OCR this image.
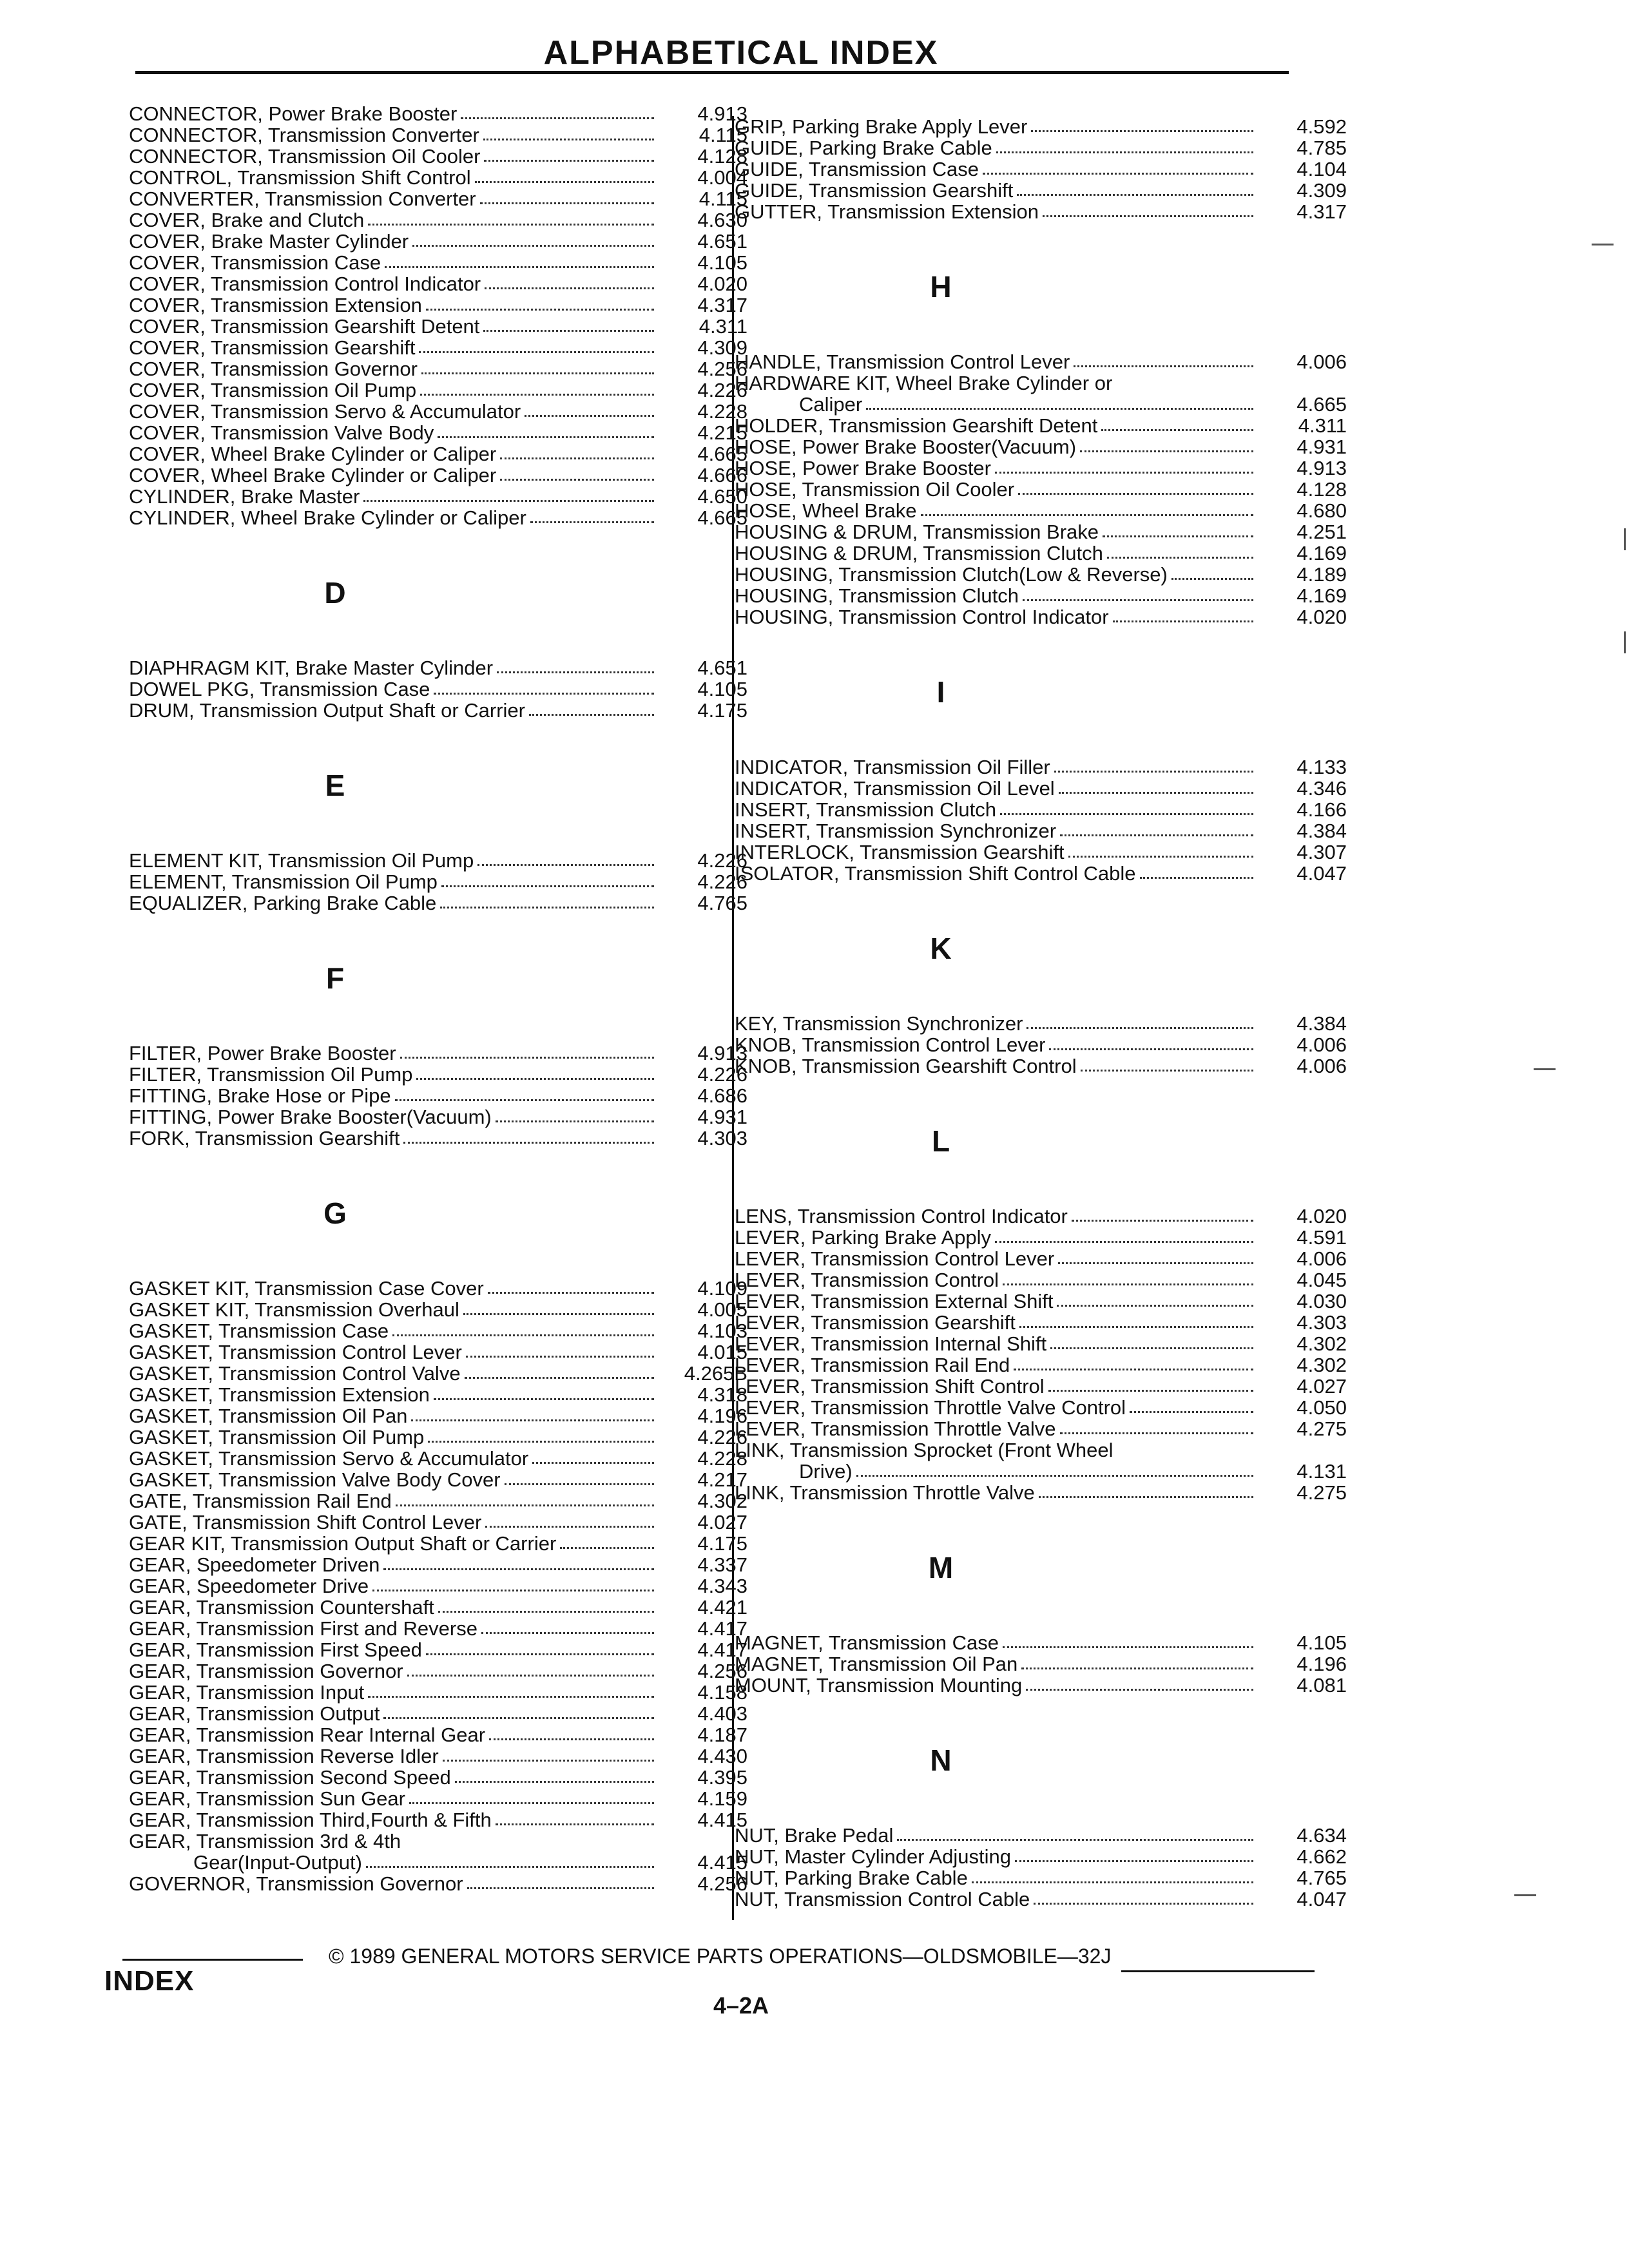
ALPHABETICAL INDEX
CONNECTOR, Power Brake Booster	4.913
CONNECTOR, Transmission Converter	4.115
CONNECTOR, Transmission Oil Cooler	4.128
CONTROL, Transmission Shift Control	4.004
CONVERTER, Transmission Converter	4.115
COVER, Brake and Clutch	4.630
COVER, Brake Master Cylinder	4.651
COVER, Transmission Case	4.105
COVER, Transmission Control Indicator	4.020
COVER, Transmission Extension	4.317
COVER, Transmission Gearshift Detent	4.311
COVER, Transmission Gearshift	4.309
COVER, Transmission Governor	4.256
COVER, Transmission Oil Pump	4.226
COVER, Transmission Servo & Accumulator	4.228
COVER, Transmission Valve Body	4.215
COVER, Wheel Brake Cylinder or Caliper	4.665
COVER, Wheel Brake Cylinder or Caliper	4.666
CYLINDER, Brake Master	4.650
CYLINDER, Wheel Brake Cylinder or Caliper	4.665
D
DIAPHRAGM KIT, Brake Master Cylinder	4.651
DOWEL PKG, Transmission Case	4.105
DRUM, Transmission Output Shaft or Carrier	4.175
E
ELEMENT KIT, Transmission Oil Pump	4.226
ELEMENT, Transmission Oil Pump	4.226
EQUALIZER, Parking Brake Cable	4.765
F
FILTER, Power Brake Booster	4.913
FILTER, Transmission Oil Pump	4.226
FITTING, Brake Hose or Pipe	4.686
FITTING, Power Brake Booster(Vacuum)	4.931
FORK, Transmission Gearshift	4.303
G
GASKET KIT, Transmission Case Cover	4.109
GASKET KIT, Transmission Overhaul	4.005
GASKET, Transmission Case	4.103
GASKET, Transmission Control Lever	4.015
GASKET, Transmission Control Valve	4.265B
GASKET, Transmission Extension	4.318
GASKET, Transmission Oil Pan	4.196
GASKET, Transmission Oil Pump	4.226
GASKET, Transmission Servo & Accumulator	4.228
GASKET, Transmission Valve Body Cover	4.217
GATE, Transmission Rail End	4.302
GATE, Transmission Shift Control Lever	4.027
GEAR KIT, Transmission Output Shaft or Carrier	4.175
GEAR, Speedometer Driven	4.337
GEAR, Speedometer Drive	4.343
GEAR, Transmission Countershaft	4.421
GEAR, Transmission First and Reverse	4.417
GEAR, Transmission First Speed	4.417
GEAR, Transmission Governor	4.256
GEAR, Transmission Input	4.158
GEAR, Transmission Output	4.403
GEAR, Transmission Rear Internal Gear	4.187
GEAR, Transmission Reverse Idler	4.430
GEAR, Transmission Second Speed	4.395
GEAR, Transmission Sun Gear	4.159
GEAR, Transmission Third,Fourth & Fifth	4.415
GEAR, Transmission 3rd & 4th
Gear(Input-Output)	4.415
GOVERNOR, Transmission Governor	4.256
GRIP, Parking Brake Apply Lever	4.592
GUIDE, Parking Brake Cable	4.785
GUIDE, Transmission Case	4.104
GUIDE, Transmission Gearshift	4.309
GUTTER, Transmission Extension	4.317
H
HANDLE, Transmission Control Lever	4.006
HARDWARE KIT, Wheel Brake Cylinder or
Caliper	4.665
HOLDER, Transmission Gearshift Detent	4.311
HOSE, Power Brake Booster(Vacuum)	4.931
HOSE, Power Brake Booster	4.913
HOSE, Transmission Oil Cooler	4.128
HOSE, Wheel Brake	4.680
HOUSING & DRUM, Transmission Brake	4.251
HOUSING & DRUM, Transmission Clutch	4.169
HOUSING, Transmission Clutch(Low & Reverse)	4.189
HOUSING, Transmission Clutch	4.169
HOUSING, Transmission Control Indicator	4.020
I
INDICATOR, Transmission Oil Filler	4.133
INDICATOR, Transmission Oil Level	4.346
INSERT, Transmission Clutch	4.166
INSERT, Transmission Synchronizer	4.384
INTERLOCK, Transmission Gearshift	4.307
ISOLATOR, Transmission Shift Control Cable	4.047
K
KEY, Transmission Synchronizer	4.384
KNOB, Transmission Control Lever	4.006
KNOB, Transmission Gearshift Control	4.006
L
LENS, Transmission Control Indicator	4.020
LEVER, Parking Brake Apply	4.591
LEVER, Transmission Control Lever	4.006
LEVER, Transmission Control	4.045
LEVER, Transmission External Shift	4.030
LEVER, Transmission Gearshift	4.303
LEVER, Transmission Internal Shift	4.302
LEVER, Transmission Rail End	4.302
LEVER, Transmission Shift Control	4.027
LEVER, Transmission Throttle Valve Control	4.050
LEVER, Transmission Throttle Valve	4.275
LINK, Transmission Sprocket (Front Wheel
Drive)	4.131
LINK, Transmission Throttle Valve	4.275
M
MAGNET, Transmission Case	4.105
MAGNET, Transmission Oil Pan	4.196
MOUNT, Transmission Mounting	4.081
N
NUT, Brake Pedal	4.634
NUT, Master Cylinder Adjusting	4.662
NUT, Parking Brake Cable	4.765
NUT, Transmission Control Cable	4.047
© 1989 GENERAL MOTORS SERVICE PARTS OPERATIONS—OLDSMOBILE—32J
INDEX
4–2A
